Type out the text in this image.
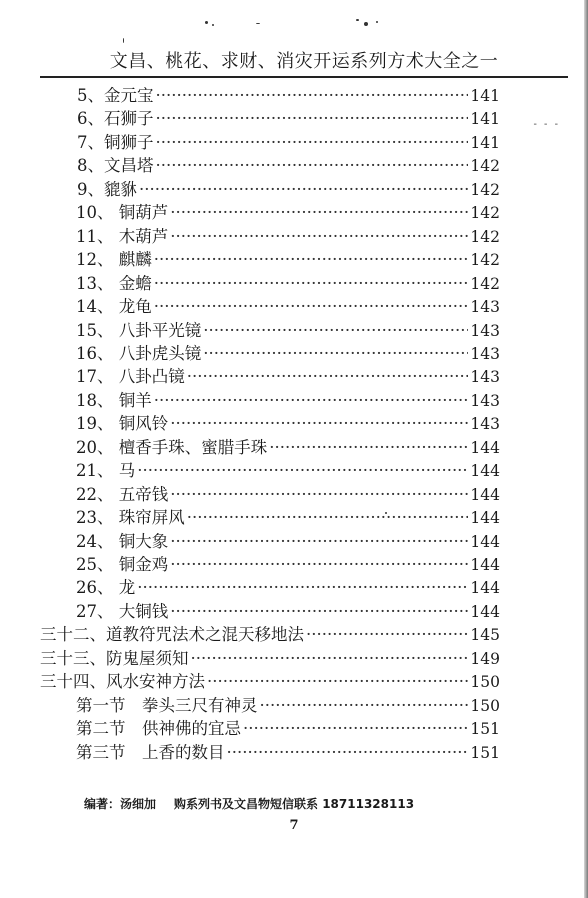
- - -
文昌、桃花、求财、消灾开运系列方术大全之一
5、金元宝 ·····	141
6、石狮子 ·····	141
7、铜狮子 ·····	141
8、文昌塔 ·····	142
9、貔貅 ·····	142
10、 铜葫芦 ·····	142
11、 木葫芦 ·····	142
12、 麒麟 ·····	142
13、 金蟾 ·····	142
14、 龙龟 ·····	143
15、 八卦平光镜 ·····	143
16、 八卦虎头镜 ·····	143
17、 八卦凸镜 ·····	143
18、 铜羊 ·····	143
19、 铜风铃 ·····	143
20、 檀香手珠、蜜腊手珠 ·····	144
21、 马 ·····	144
22、 五帝钱 ·····	144
23、 珠帘屏风 ·····	144
24、 铜大象 ·····	144
25、 铜金鸡 ·····	144
26、 龙 ·····	144
27、 大铜钱 ·····	144
三十二、道教符咒法术之混天移地法 ·····	145
三十三、防鬼屋须知 ·····	149
三十四、风水安神方法 ·····	150
第一节　拳头三尺有神灵 ·····	150
第二节　供神佛的宜忌 ·····	151
第三节　上香的数目 ·····	151
编著：汤细加 购系列书及文昌物短信联系 18711328113
7
